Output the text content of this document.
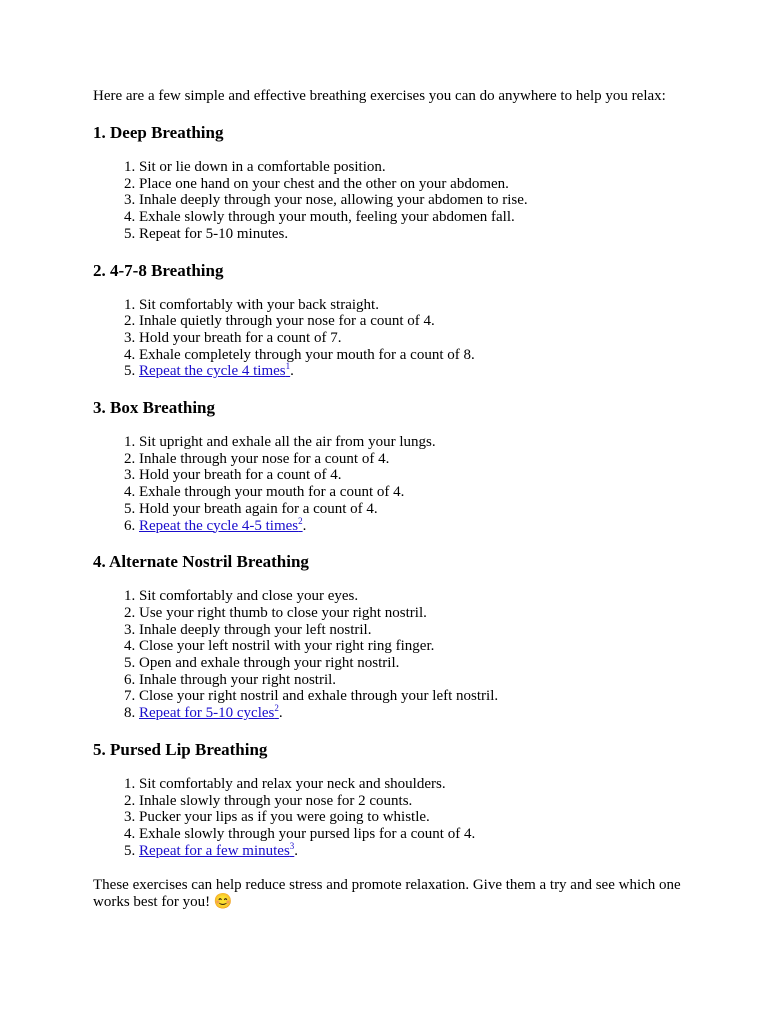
Here are a few simple and effective breathing exercises you can do anywhere to help you relax:

1. Deep Breathing
1. Sit or lie down in a comfortable position.
2. Place one hand on your chest and the other on your abdomen.
3. Inhale deeply through your nose, allowing your abdomen to rise.
4. Exhale slowly through your mouth, feeling your abdomen fall.
5. Repeat for 5-10 minutes.
2. 4-7-8 Breathing
1. Sit comfortably with your back straight.
2. Inhale quietly through your nose for a count of 4.
3. Hold your breath for a count of 7.
4. Exhale completely through your mouth for a count of 8.
5. Repeat the cycle 4 times$^1$.
3. Box Breathing
1. Sit upright and exhale all the air from your lungs.
2. Inhale through your nose for a count of 4.
3. Hold your breath for a count of 4.
4. Exhale through your mouth for a count of 4.
5. Hold your breath again for a count of 4.
6. Repeat the cycle 4-5 times$^2$.
4. Alternate Nostril Breathing
1. Sit comfortably and close your eyes.
2. Use your right thumb to close your right nostril.
3. Inhale deeply through your left nostril.
4. Close your left nostril with your right ring finger.
5. Open and exhale through your right nostril.
6. Inhale through your right nostril.
7. Close your right nostril and exhale through your left nostril.
8. Repeat for 5-10 cycles$^2$.
5. Pursed Lip Breathing
1. Sit comfortably and relax your neck and shoulders.
2. Inhale slowly through your nose for 2 counts.
3. Pucker your lips as if you were going to whistle.
4. Exhale slowly through your pursed lips for a count of 4.
5. Repeat for a few minutes$^3$.

These exercises can help reduce stress and promote relaxation. Give them a try and see which one works best for you! 😊
